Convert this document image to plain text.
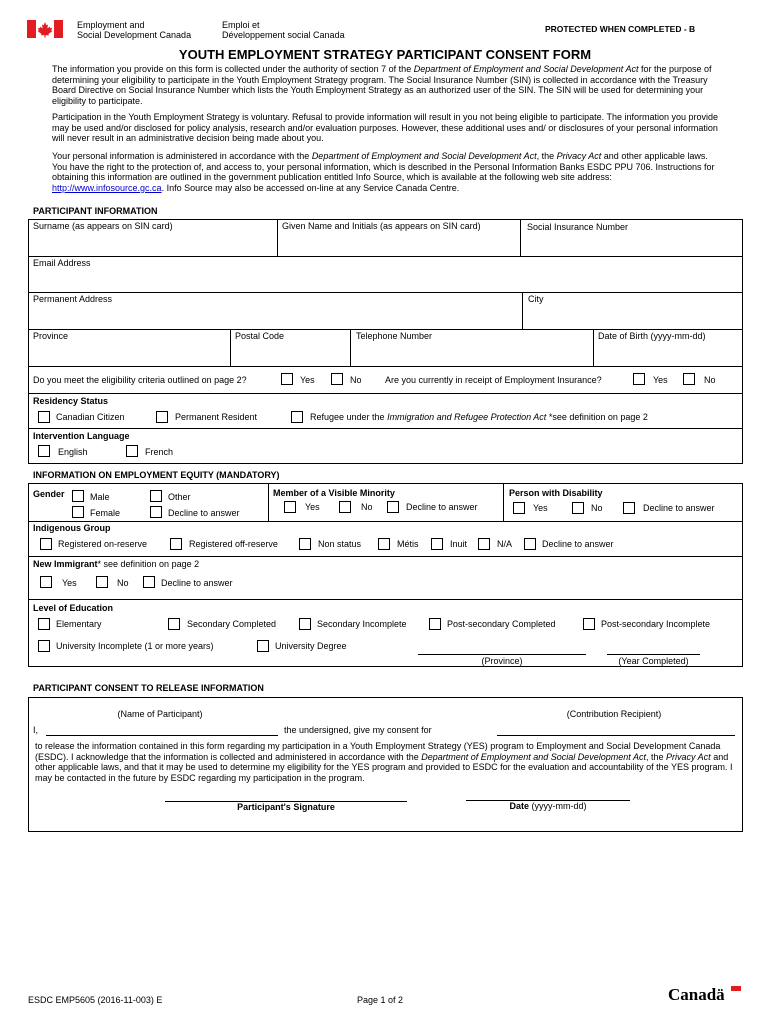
Employment and
Social Development Canada
Emploi et
Développement social Canada
PROTECTED WHEN COMPLETED - B
YOUTH EMPLOYMENT STRATEGY PARTICIPANT CONSENT FORM
The information you provide on this form is collected under the authority of section 7 of the Department of Employment and Social Development Act for the purpose of determining your eligibility to participate in the Youth Employment Strategy program. The Social Insurance Number (SIN) is collected in accordance with the Treasury Board Directive on Social Insurance Number which lists the Youth Employment Strategy as an authorized user of the SIN. The SIN will be used for determining your eligibility to participate.
Participation in the Youth Employment Strategy is voluntary. Refusal to provide information will result in you not being eligible to participate. The information you provide may be used and/or disclosed for policy analysis, research and/or evaluation purposes. However, these additional uses and/ or disclosures of your personal information will never result in an administrative decision being made about you.
Your personal information is administered in accordance with the Department of Employment and Social Development Act, the Privacy Act and other applicable laws. You have the right to the protection of, and access to, your personal information, which is described in the Personal Information Banks ESDC PPU 706. Instructions for obtaining this information are outlined in the government publication entitled Info Source, which is available at the following web site address: http://www.infosource.gc.ca. Info Source may also be accessed on-line at any Service Canada Centre.
PARTICIPANT INFORMATION
Surname (as appears on SIN card)	Given Name and Initials (as appears on SIN card)	Social Insurance Number
Email Address
Permanent Address	City
Province	Postal Code	Telephone Number	Date of Birth (yyyy-mm-dd)
Do you meet the eligibility criteria outlined on page 2?	Yes	No	Are you currently in receipt of Employment Insurance?	Yes	No
Residency Status
Canadian Citizen	Permanent Resident	Refugee under the Immigration and Refugee Protection Act *see definition on page 2
Intervention Language
English	French
INFORMATION ON EMPLOYMENT EQUITY (MANDATORY)
Gender	Male	Other
Female	Decline to answer
Member of a Visible Minority
Yes	No	Decline to answer
Person with Disability
Yes	No	Decline to answer
Indigenous Group
Registered on-reserve	Registered off-reserve	Non status	Métis	Inuit	N/A	Decline to answer
New Immigrant* see definition on page 2
Yes	No	Decline to answer
Level of Education
Elementary	Secondary Completed	Secondary Incomplete	Post-secondary Completed	Post-secondary Incomplete
University Incomplete (1 or more years)	University Degree
(Province)	(Year Completed)
PARTICIPANT CONSENT TO RELEASE INFORMATION
(Name of Participant)	(Contribution Recipient)
I,	the undersigned, give my consent for
to release the information contained in this form regarding my participation in a Youth Employment Strategy (YES) program to Employment and Social Development Canada (ESDC). I acknowledge that the information is collected and administered in accordance with the Department of Employment and Social Development Act, the Privacy Act and other applicable laws, and that it may be used to determine my eligibility for the YES program and provided to ESDC for the evaluation and accountability of the YES program. I may be contacted in the future by ESDC regarding my participation in the program.
Participant's Signature	Date (yyyy-mm-dd)
ESDC EMP5605 (2016-11-003) E	Page 1 of 2	Canadä
